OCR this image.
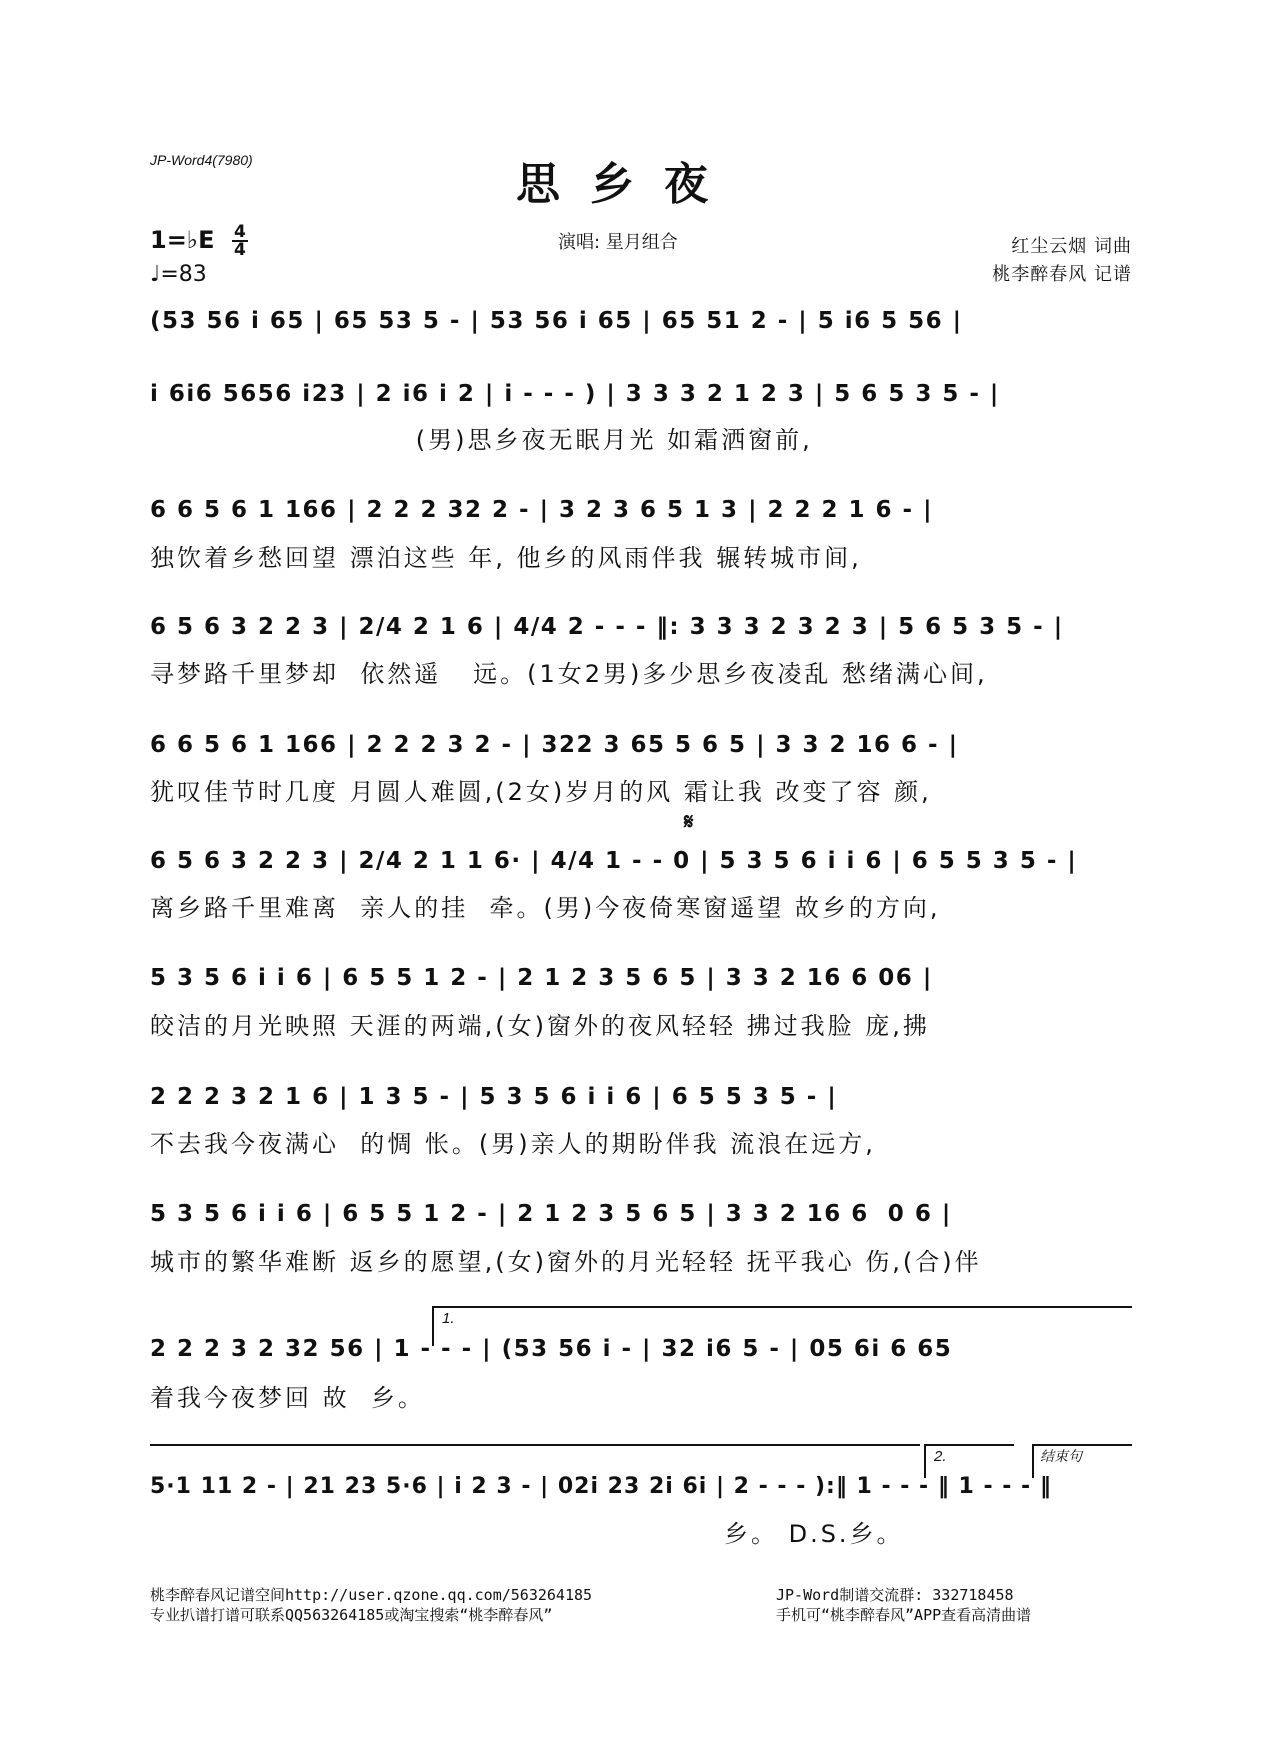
JP-Word4(7980)	思乡夜
1=♭E 4
4
♩=83
演唱: 星月组合	红尘云烟 词曲
桃李醉春风 记谱
(53 56 i 65 | 65 53 5 - | 53 56 i 65 | 65 51 2 - | 5 i6 5 56 |
i 6i6 5656 i23 | 2 i6 i 2 | i - - - ) | 3 3 3 2 1 2 3 | 5 6 5 3 5 - |
(男)思乡夜无眠月光 如霜洒窗前,
6 6 5 6 1 166 | 2 2 2 32 2 - | 3 2 3 6 5 1 3 | 2 2 2 1 6 - |
独饮着乡愁回望 漂泊这些 年, 他乡的风雨伴我 辗转城市间,
6 5 6 3 2 2 3 | 2/4 2 1 6 | 4/4 2 - - - ‖: 3 3 3 2 3 2 3 | 5 6 5 3 5 - |
寻梦路千里梦却  依然遥   远。(1女2男)多少思乡夜凌乱 愁绪满心间,
6 6 5 6 1 166 | 2 2 2 3 2 - | 322 3 65 5 6 5 | 3 3 2 16 6 - |
犹叹佳节时几度 月圆人难圆,(2女)岁月的风 霜让我 改变了容 颜,
𝄋
6 5 6 3 2 2 3 | 2/4 2 1 1 6· | 4/4 1 - - 0 | 5 3 5 6 i i 6 | 6 5 5 3 5 - |
离乡路千里难离  亲人的挂  牵。(男)今夜倚寒窗遥望 故乡的方向,
5 3 5 6 i i 6 | 6 5 5 1 2 - | 2 1 2 3 5 6 5 | 3 3 2 16 6 06 |
皎洁的月光映照 天涯的两端,(女)窗外的夜风轻轻 拂过我脸 庞,拂
2 2 2 3 2 1 6 | 1 3 5 - | 5 3 5 6 i i 6 | 6 5 5 3 5 - |
不去我今夜满心  的惆 怅。(男)亲人的期盼伴我 流浪在远方,
5 3 5 6 i i 6 | 6 5 5 1 2 - | 2 1 2 3 5 6 5 | 3 3 2 16 6  0 6 |
城市的繁华难断 返乡的愿望,(女)窗外的月光轻轻 抚平我心 伤,(合)伴
1.
2 2 2 3 2 32 56 | 1 - - - | (53 56 i - | 32 i6 5 - | 05 6i 6 65
着我今夜梦回 故  乡。
2.	结束句
5·1 11 2 - | 21 23 5·6 | i 2 3 - | 02i 23 2i 6i | 2 - - - ):‖ 1 - - - ‖ 1 - - - ‖
乡。 D.S.乡。
桃李醉春风记谱空间http://user.qzone.qq.com/563264185
专业扒谱打谱可联系QQ563264185或淘宝搜索“桃李醉春风”
JP-Word制谱交流群: 332718458
手机可“桃李醉春风”APP查看高清曲谱
